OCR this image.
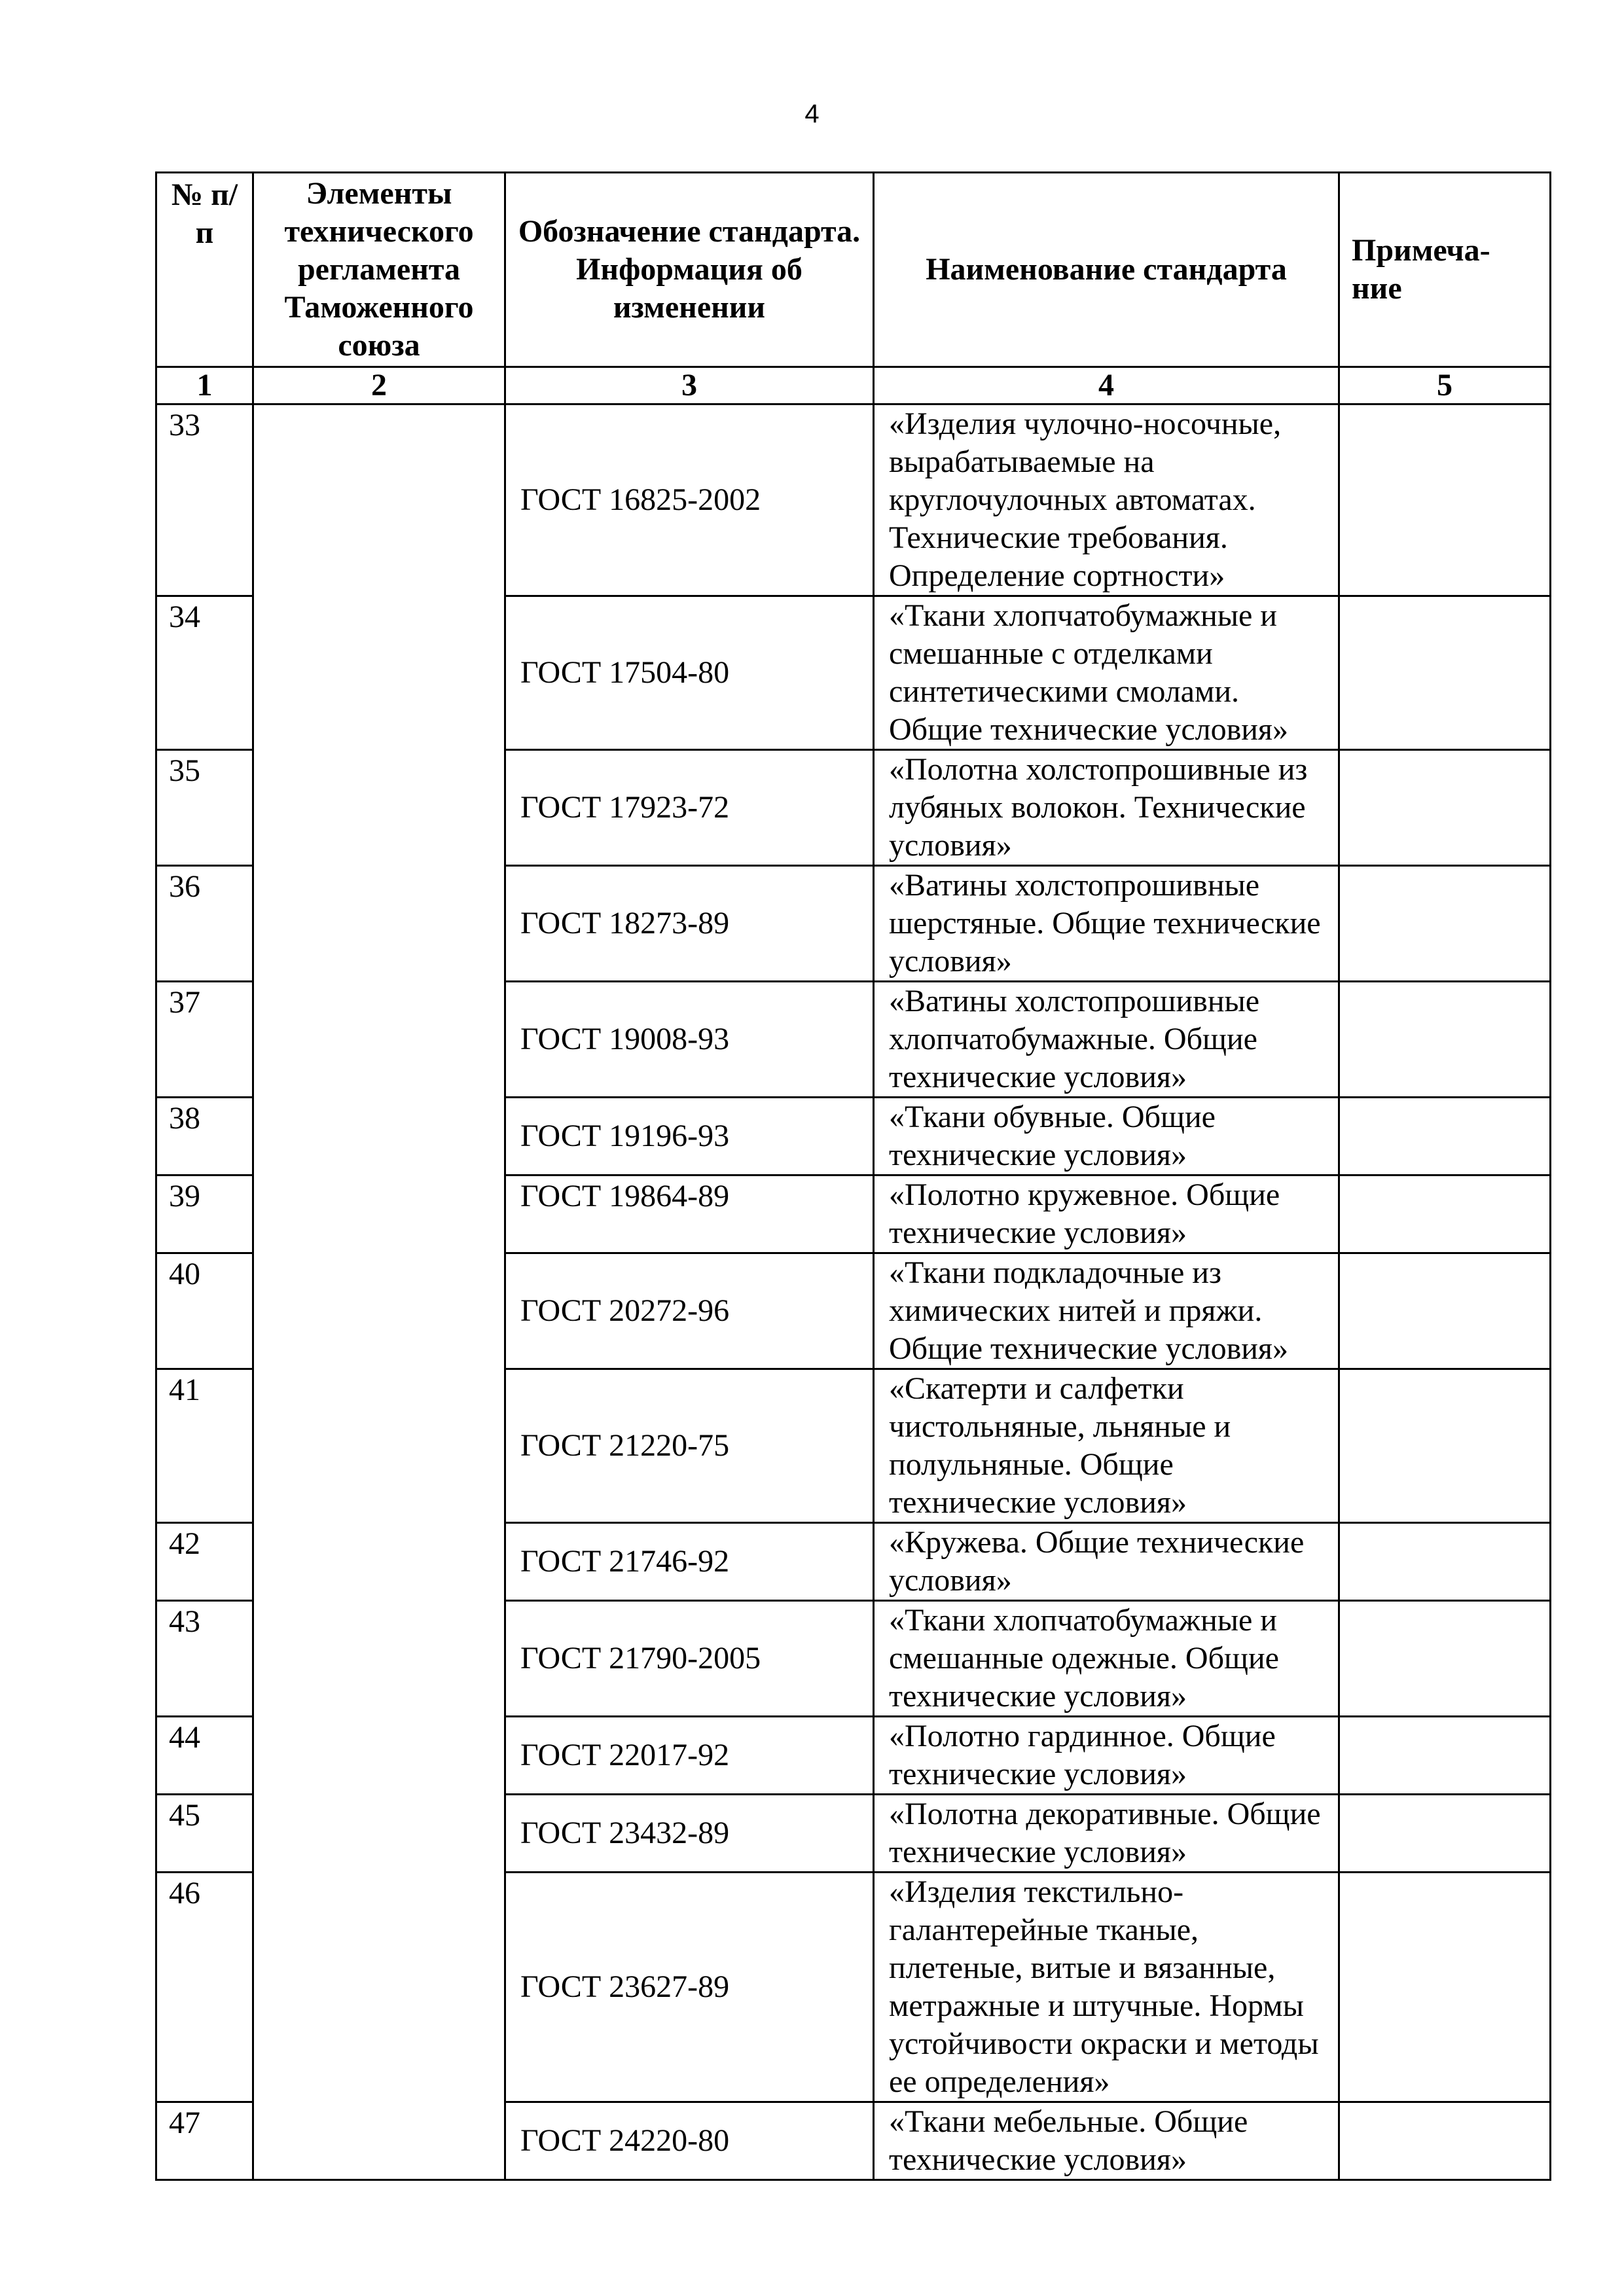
4
№ п/п	Элементы технического регламента Таможенного союза	Обозначение стандарта. Информация об изменении	Наименование стандарта	Примеча-ние
1	2	3	4	5
33		ГОСТ 16825-2002	«Изделия чулочно-носочные, вырабатываемые на круглочулочных автоматах. Технические требования. Определение сортности»	
34		ГОСТ 17504-80	«Ткани хлопчатобумажные и смешанные с отделками синтетическими смолами. Общие технические условия»	
35		ГОСТ 17923-72	«Полотна холстопрошивные из лубяных волокон. Технические условия»	
36		ГОСТ 18273-89	«Ватины холстопрошивные шерстяные. Общие технические условия»	
37		ГОСТ 19008-93	«Ватины холстопрошивные хлопчатобумажные. Общие технические условия»	
38		ГОСТ 19196-93	«Ткани обувные. Общие технические условия»	
39		ГОСТ 19864-89	«Полотно кружевное. Общие технические условия»	
40		ГОСТ 20272-96	«Ткани подкладочные из химических нитей и пряжи. Общие технические условия»	
41		ГОСТ 21220-75	«Скатерти и салфетки чистольняные, льняные и полульняные. Общие технические условия»	
42		ГОСТ 21746-92	«Кружева. Общие технические условия»	
43		ГОСТ 21790-2005	«Ткани хлопчатобумажные и смешанные одежные. Общие технические условия»	
44		ГОСТ 22017-92	«Полотно гардинное. Общие технические условия»	
45		ГОСТ 23432-89	«Полотна декоративные. Общие технические условия»	
46		ГОСТ 23627-89	«Изделия текстильно-галантерейные тканые, плетеные, витые и вязанные, метражные и штучные. Нормы устойчивости окраски и методы ее определения»	
47		ГОСТ 24220-80	«Ткани мебельные. Общие технические условия»	
